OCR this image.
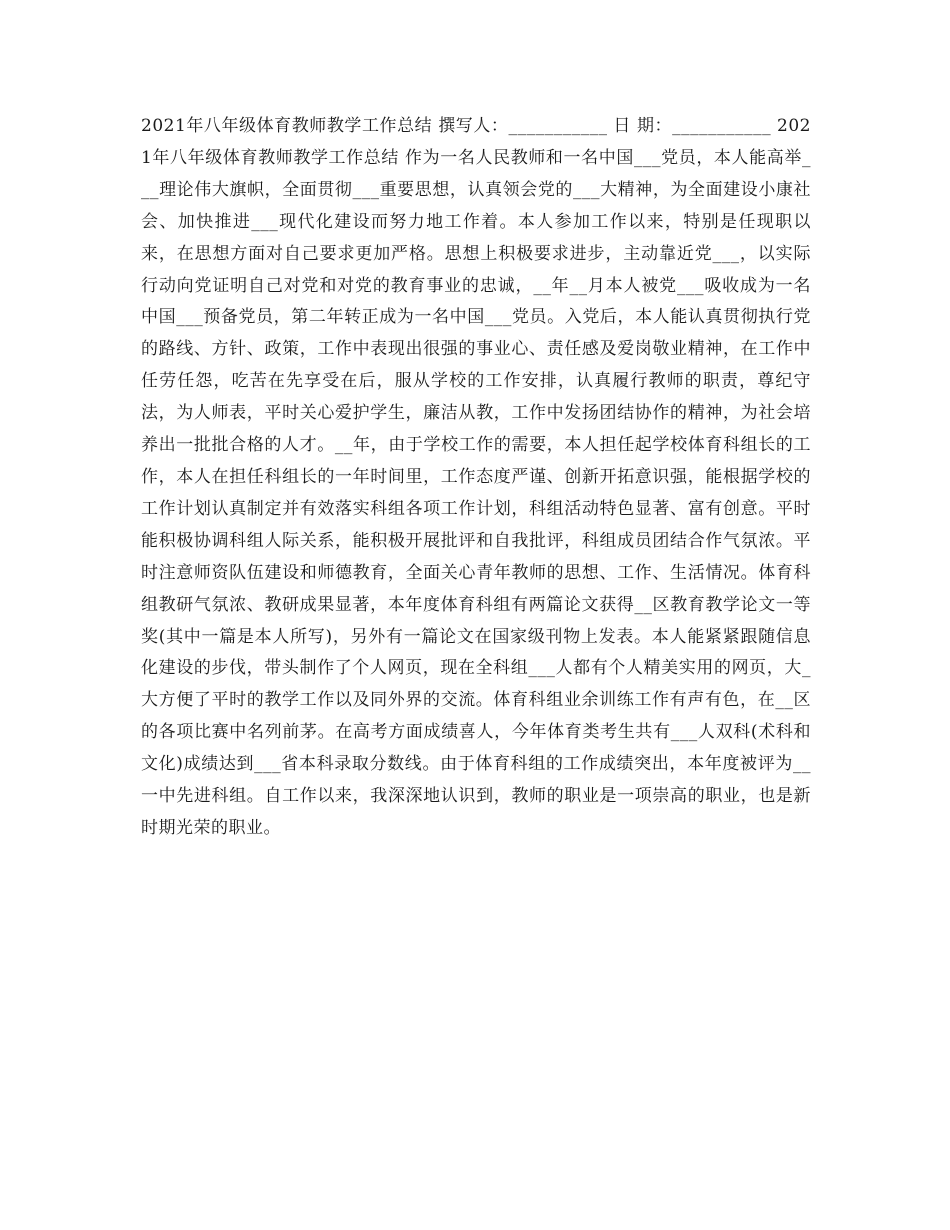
2021年八年级体育教师教学工作总结 撰写人：___________ 日 期：___________ 2021年八年级体育教师教学工作总结 作为一名人民教师和一名中国___党员，本人能高举___理论伟大旗帜，全面贯彻___重要思想，认真领会党的___大精神，为全面建设小康社会、加快推进___现代化建设而努力地工作着。本人参加工作以来，特别是任现职以来，在思想方面对自己要求更加严格。思想上积极要求进步，主动靠近党___，以实际行动向党证明自己对党和对党的教育事业的忠诚，__年__月本人被党___吸收成为一名中国___预备党员，第二年转正成为一名中国___党员。入党后，本人能认真贯彻执行党的路线、方针、政策，工作中表现出很强的事业心、责任感及爱岗敬业精神，在工作中任劳任怨，吃苦在先享受在后，服从学校的工作安排，认真履行教师的职责，尊纪守法，为人师表，平时关心爱护学生，廉洁从教，工作中发扬团结协作的精神，为社会培养出一批批合格的人才。__年，由于学校工作的需要，本人担任起学校体育科组长的工作，本人在担任科组长的一年时间里，工作态度严谨、创新开拓意识强，能根据学校的工作计划认真制定并有效落实科组各项工作计划，科组活动特色显著、富有创意。平时能积极协调科组人际关系，能积极开展批评和自我批评，科组成员团结合作气氛浓。平时注意师资队伍建设和师德教育，全面关心青年教师的思想、工作、生活情况。体育科组教研气氛浓、教研成果显著，本年度体育科组有两篇论文获得__区教育教学论文一等奖(其中一篇是本人所写)，另外有一篇论文在国家级刊物上发表。本人能紧紧跟随信息化建设的步伐，带头制作了个人网页，现在全科组___人都有个人精美实用的网页，大_大方便了平时的教学工作以及同外界的交流。体育科组业余训练工作有声有色，在__区的各项比赛中名列前茅。在高考方面成绩喜人，今年体育类考生共有___人双科(术科和文化)成绩达到___省本科录取分数线。由于体育科组的工作成绩突出，本年度被评为__一中先进科组。自工作以来，我深深地认识到，教师的职业是一项崇高的职业，也是新时期光荣的职业。
